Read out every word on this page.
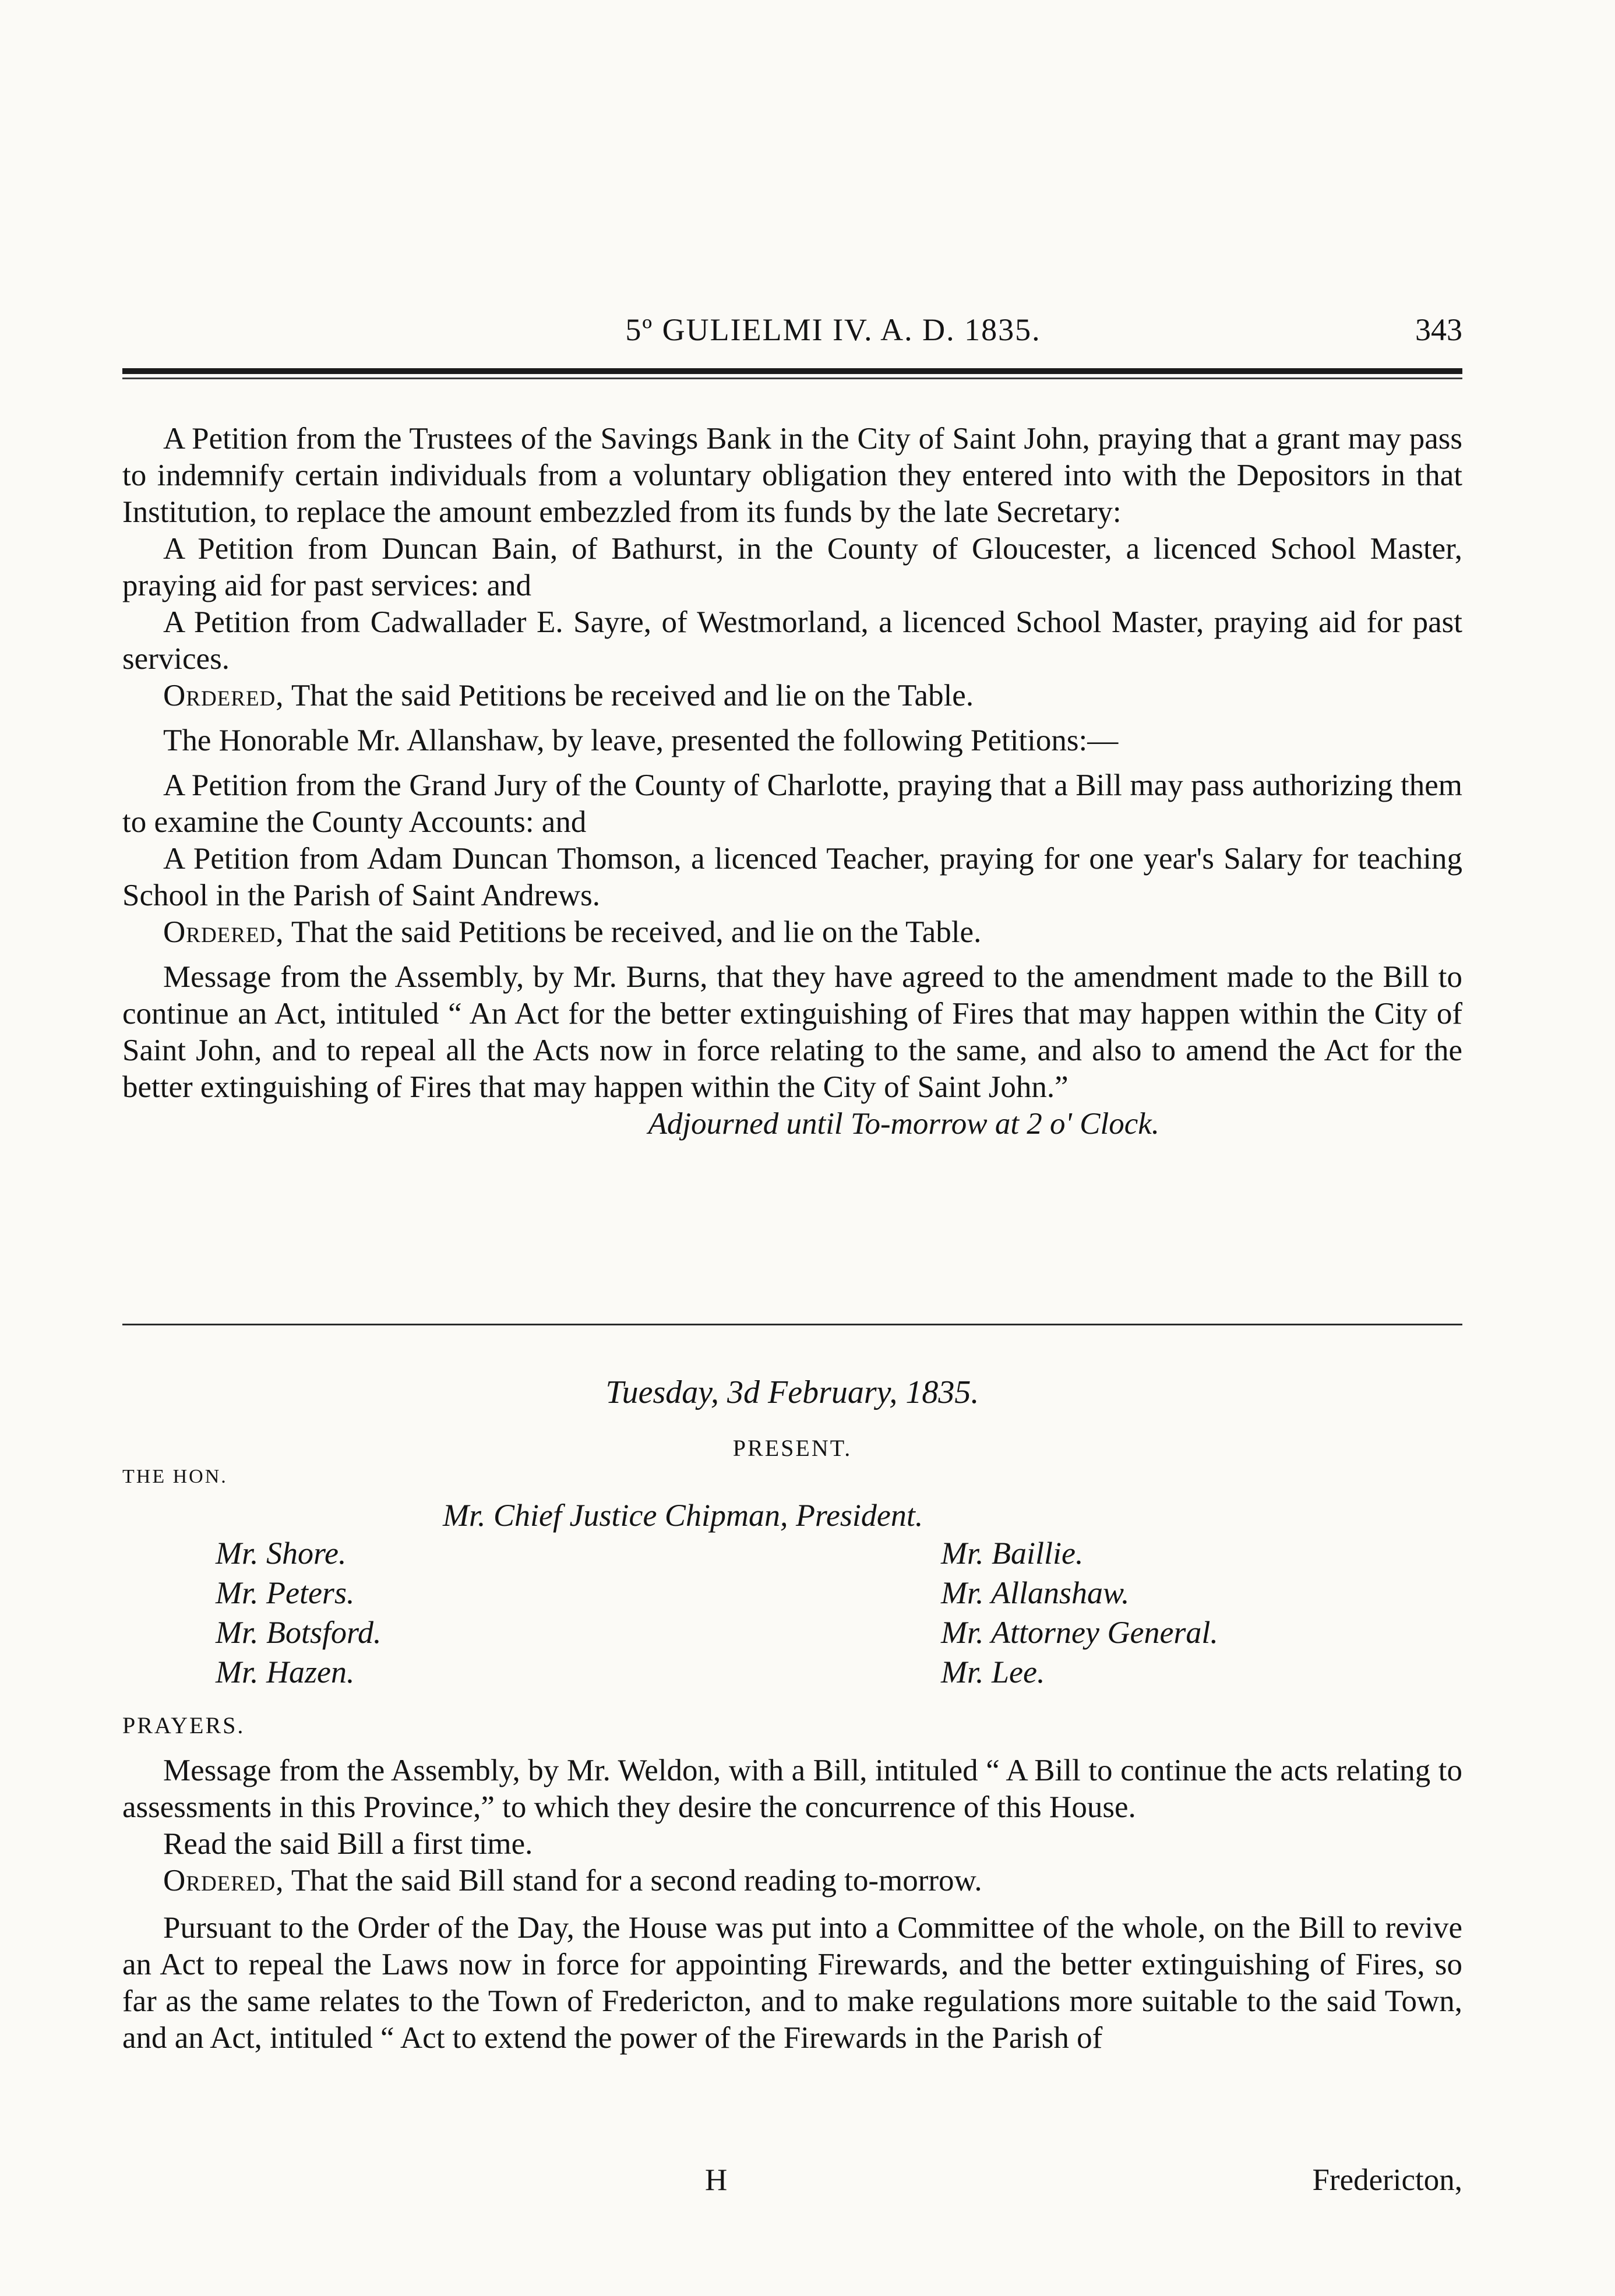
5º GULIELMI IV. A. D. 1835.	343

A Petition from the Trustees of the Savings Bank in the City of Saint John, praying that a grant may pass to indemnify certain individuals from a voluntary obligation they entered into with the Depositors in that Institution, to replace the amount embezzled from its funds by the late Secretary:

A Petition from Duncan Bain, of Bathurst, in the County of Gloucester, a licenced School Master, praying aid for past services: and

A Petition from Cadwallader E. Sayre, of Westmorland, a licenced School Master, praying aid for past services.

Ordered, That the said Petitions be received and lie on the Table.

The Honorable Mr. Allanshaw, by leave, presented the following Petitions:—

A Petition from the Grand Jury of the County of Charlotte, praying that a Bill may pass authorizing them to examine the County Accounts: and

A Petition from Adam Duncan Thomson, a licenced Teacher, praying for one year's Salary for teaching School in the Parish of Saint Andrews.

Ordered, That the said Petitions be received, and lie on the Table.

Message from the Assembly, by Mr. Burns, that they have agreed to the amendment made to the Bill to continue an Act, intituled “ An Act for the better extinguishing of Fires that may happen within the City of Saint John, and to repeal all the Acts now in force relating to the same, and also to amend the Act for the better extinguishing of Fires that may happen within the City of Saint John.”

Adjourned until To-morrow at 2 o' Clock.

Tuesday, 3d February, 1835.
PRESENT.
THE HON.
Mr. Chief Justice Chipman, President.
Mr. Shore.
Mr. Peters.
Mr. Botsford.
Mr. Hazen.
Mr. Baillie.
Mr. Allanshaw.
Mr. Attorney General.
Mr. Lee.
PRAYERS.

Message from the Assembly, by Mr. Weldon, with a Bill, intituled “ A Bill to continue the acts relating to assessments in this Province,” to which they desire the concurrence of this House.

Read the said Bill a first time.

Ordered, That the said Bill stand for a second reading to-morrow.

Pursuant to the Order of the Day, the House was put into a Committee of the whole, on the Bill to revive an Act to repeal the Laws now in force for appointing Firewards, and the better extinguishing of Fires, so far as the same relates to the Town of Fredericton, and to make regulations more suitable to the said Town, and an Act, intituled “ Act to extend the power of the Firewards in the Parish of

H	Fredericton,
